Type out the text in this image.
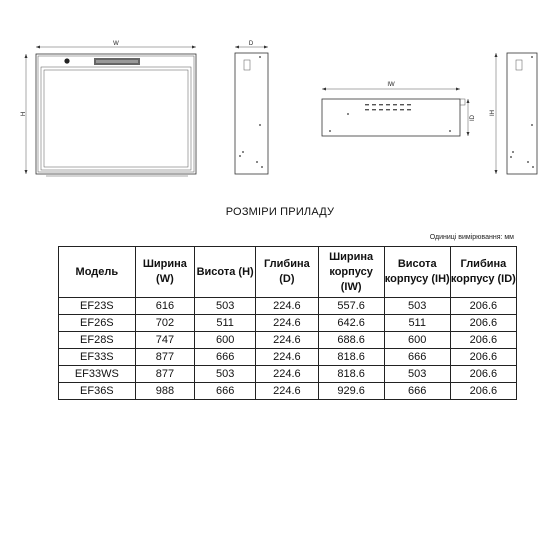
W
H
D
IW
ID
IH
РОЗМІРИ ПРИЛАДУ
Одиниці вимірювання: мм
Модель	Ширина (W)	Висота (H)	Глибина (D)	Ширина корпусу (IW)	Висота корпусу (IH)	Глибина корпусу (ID)
EF23S	616	503	224.6	557.6	503	206.6
EF26S	702	511	224.6	642.6	511	206.6
EF28S	747	600	224.6	688.6	600	206.6
EF33S	877	666	224.6	818.6	666	206.6
EF33WS	877	503	224.6	818.6	503	206.6
EF36S	988	666	224.6	929.6	666	206.6
